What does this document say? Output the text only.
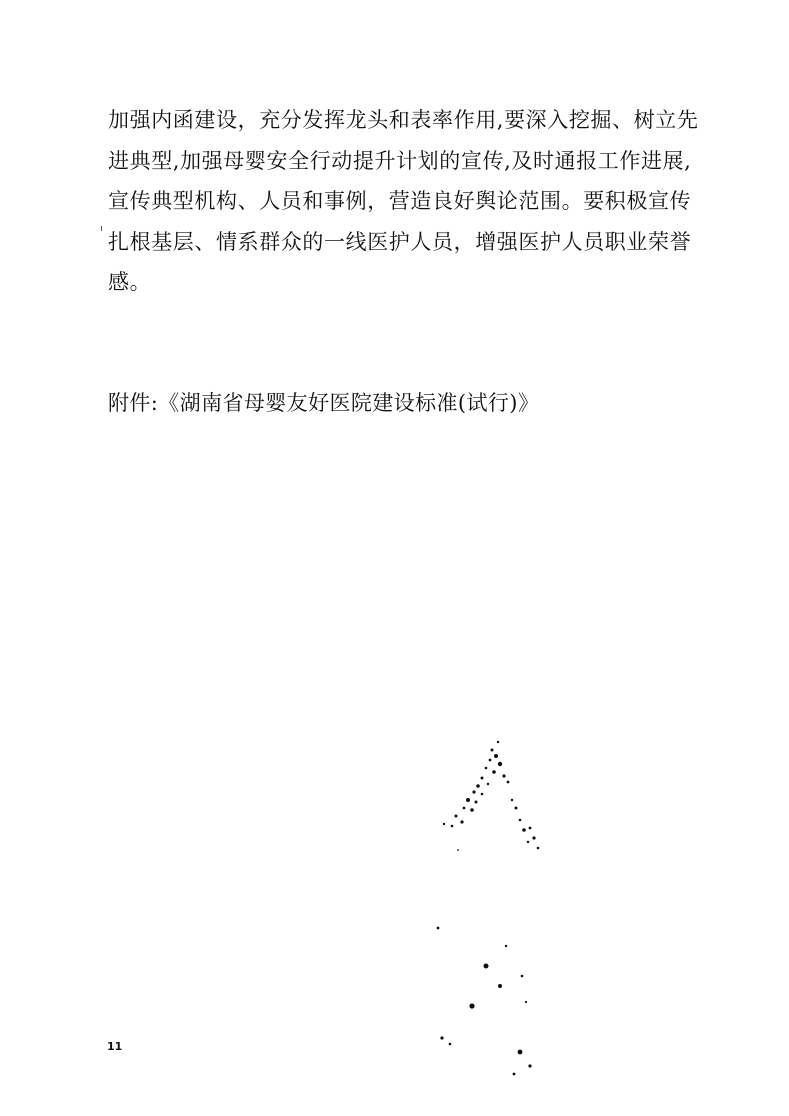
加强内函建设，充分发挥龙头和表率作用,要深入挖掘、树立先
进典型,加强母婴安全行动提升计划的宣传,及时通报工作进展,
宣传典型机构、人员和事例，营造良好舆论范围。要积极宣传
扎根基层、情系群众的一线医护人员，增强医护人员职业荣誉
感。
附件:《湖南省母婴友好医院建设标准(试行)》
11
